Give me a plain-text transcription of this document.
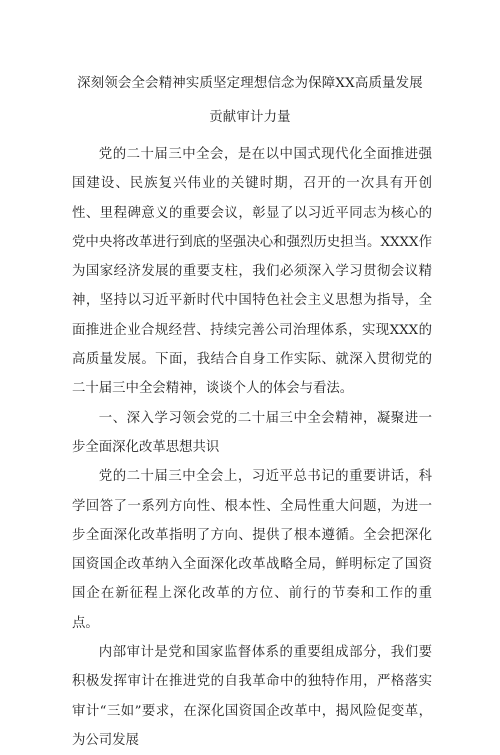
深刻领会全会精神实质坚定理想信念为保障XX高质量发展
贡献审计力量

党的二十届三中全会，是在以中国式现代化全面推进强国建设、民族复兴伟业的关键时期，召开的一次具有开创性、里程碑意义的重要会议，彰显了以习近平同志为核心的党中央将改革进行到底的坚强决心和强烈历史担当。XXXX作为国家经济发展的重要支柱，我们必须深入学习贯彻会议精神，坚持以习近平新时代中国特色社会主义思想为指导，全面推进企业合规经营、持续完善公司治理体系，实现XXX的高质量发展。下面，我结合自身工作实际、就深入贯彻党的二十届三中全会精神，谈谈个人的体会与看法。

一、深入学习领会党的二十届三中全会精神，凝聚进一步全面深化改革思想共识

党的二十届三中全会上，习近平总书记的重要讲话，科学回答了一系列方向性、根本性、全局性重大问题，为进一步全面深化改革指明了方向、提供了根本遵循。全会把深化国资国企改革纳入全面深化改革战略全局，鲜明标定了国资国企在新征程上深化改革的方位、前行的节奏和工作的重点。

内部审计是党和国家监督体系的重要组成部分，我们要积极发挥审计在推进党的自我革命中的独特作用，严格落实审计“三如”要求，在深化国资国企改革中，揭风险促变革，为公司发展
